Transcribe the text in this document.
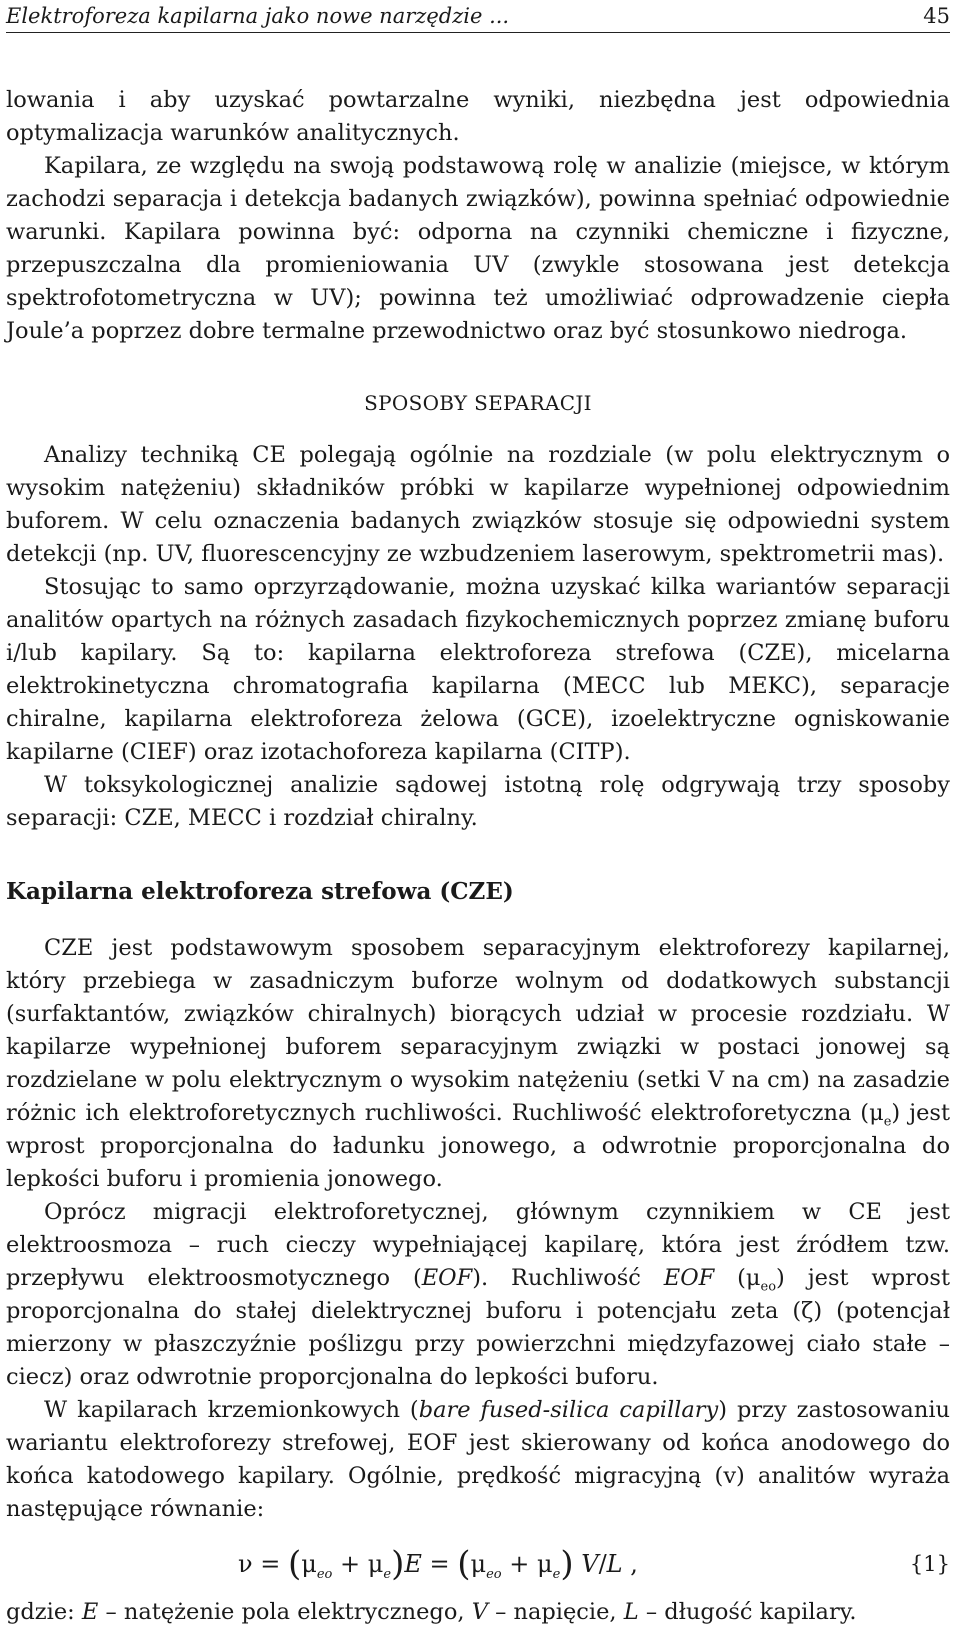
Elektroforeza kapilarna jako nowe narzędzie ...	45

lowania i aby uzyskać powtarzalne wyniki, niezbędna jest odpowiednia optymalizacja warunków analitycznych.

Kapilara, ze względu na swoją podstawową rolę w analizie (miejsce, w którym zachodzi separacja i detekcja badanych związków), powinna spełniać odpowiednie warunki. Kapilara powinna być: odporna na czynniki chemiczne i fizyczne, przepuszczalna dla promieniowania UV (zwykle stosowana jest detekcja spektrofotometryczna w UV); powinna też umożliwiać odprowadzenie ciepła Joule’a poprzez dobre termalne przewodnictwo oraz być stosunkowo niedroga.

SPOSOBY SEPARACJI

Analizy techniką CE polegają ogólnie na rozdziale (w polu elektrycznym o wysokim natężeniu) składników próbki w kapilarze wypełnionej odpowiednim buforem. W celu oznaczenia badanych związków stosuje się odpowiedni system detekcji (np. UV, fluorescencyjny ze wzbudzeniem laserowym, spektrometrii mas).

Stosując to samo oprzyrządowanie, można uzyskać kilka wariantów separacji analitów opartych na różnych zasadach fizykochemicznych poprzez zmianę buforu i/lub kapilary. Są to: kapilarna elektroforeza strefowa (CZE), micelarna elektrokinetyczna chromatografia kapilarna (MECC lub MEKC), separacje chiralne, kapilarna elektroforeza żelowa (GCE), izoelektryczne ogniskowanie kapilarne (CIEF) oraz izotachoforeza kapilarna (CITP).

W toksykologicznej analizie sądowej istotną rolę odgrywają trzy sposoby separacji: CZE, MECC i rozdział chiralny.

Kapilarna elektroforeza strefowa (CZE)

CZE jest podstawowym sposobem separacyjnym elektroforezy kapilarnej, który przebiega w zasadniczym buforze wolnym od dodatkowych substancji (surfaktantów, związków chiralnych) biorących udział w procesie rozdziału. W kapilarze wypełnionej buforem separacyjnym związki w postaci jonowej są rozdzielane w polu elektrycznym o wysokim natężeniu (setki V na cm) na zasadzie różnic ich elektroforetycznych ruchliwości. Ruchliwość elektroforetyczna $(\mu_e)$ jest wprost proporcjonalna do ładunku jonowego, a odwrotnie proporcjonalna do lepkości buforu i promienia jonowego.

Oprócz migracji elektroforetycznej, głównym czynnikiem w CE jest elektroosmoza – ruch cieczy wypełniającej kapilarę, która jest źródłem tzw. przepływu elektroosmotycznego (EOF). Ruchliwość EOF $(\mu_{eo})$ jest wprost proporcjonalna do stałej dielektrycznej buforu i potencjału zeta (ζ) (potencjał mierzony w płaszczyźnie poślizgu przy powierzchni międzyfazowej ciało stałe – ciecz) oraz odwrotnie proporcjonalna do lepkości buforu.

W kapilarach krzemionkowych (bare fused-silica capillary) przy zastosowaniu wariantu elektroforezy strefowej, EOF jest skierowany od końca anodowego do końca katodowego kapilary. Ogólnie, prędkość migracyjną (v) analitów wyraża następujące równanie:

$\nu = (\mu_{eo} + \mu_e)E = (\mu_{eo} + \mu_e)$ V/L ,	{1}

gdzie: E – natężenie pola elektrycznego, V – napięcie, L – długość kapilary.
